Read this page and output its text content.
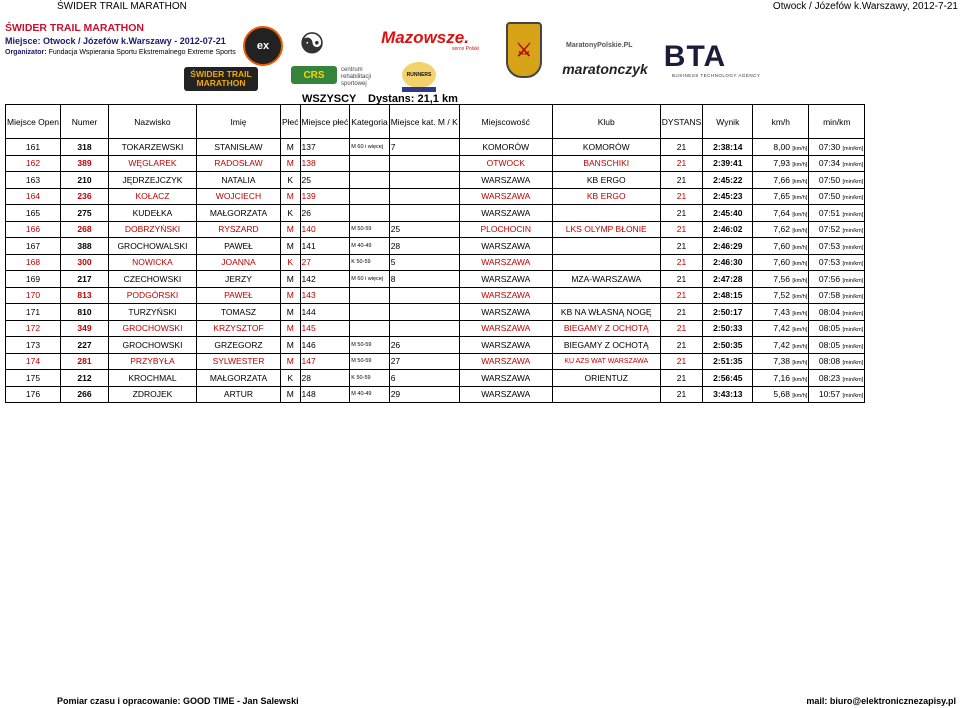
ŚWIDER TRAIL MARATHON	Otwock / Józefów k.Warszawy, 2012-7-21
ŚWIDER TRAIL MARATHON
Miejsce: Otwock / Józefów k.Warszawy - 2012-07-21
Organizator: Fundacja Wspierania Sportu Ekstremalnego Extreme Sports
ex	☯	Mazowsze.
serce Polski	⚔	MaratonyPolskie.PL
maratonczyk BTA
BUSINESS TECHNOLOGY AGENCY
ŚWIDER TRAIL MARATHON
CRS	centrum rehabilitacji sportowej
RUNNERS
WSZYSCY Dystans: 21,1 km
Miejsce Open	Numer	Nazwisko	Imię	Płeć	Miejsce płeć	Kategoria	Miejsce kat. M / K	Miejscowość	Klub	DYSTANS	Wynik	km/h	min/km
161	318	TOKARZEWSKI	STANISŁAW	M	137	M 60 i więcej	7	KOMORÓW	KOMORÓW	21	2:38:14	8,00 [km/h]	07:30 [min/km]
162	389	WĘGLAREK	RADOSŁAW	M	138			OTWOCK	BANSCHIKI	21	2:39:41	7,93 [km/h]	07:34 [min/km]
163	210	JĘDRZEJCZYK	NATALIA	K	25			WARSZAWA	KB ERGO	21	2:45:22	7,66 [km/h]	07:50 [min/km]
164	236	KOŁACZ	WOJCIECH	M	139			WARSZAWA	KB ERGO	21	2:45:23	7,65 [km/h]	07:50 [min/km]
165	275	KUDEŁKA	MAŁGORZATA	K	26			WARSZAWA		21	2:45:40	7,64 [km/h]	07:51 [min/km]
166	268	DOBRZYŃSKI	RYSZARD	M	140	M 50-59	25	PLOCHOCIN	LKS OLYMP BŁONIE	21	2:46:02	7,62 [km/h]	07:52 [min/km]
167	388	GROCHOWALSKI	PAWEŁ	M	141	M 40-49	28	WARSZAWA		21	2:46:29	7,60 [km/h]	07:53 [min/km]
168	300	NOWICKA	JOANNA	K	27	K 50-59	5	WARSZAWA		21	2:46:30	7,60 [km/h]	07:53 [min/km]
169	217	CZECHOWSKI	JERZY	M	142	M 60 i więcej	8	WARSZAWA	MZA-WARSZAWA	21	2:47:28	7,56 [km/h]	07:56 [min/km]
170	813	PODGÓRSKI	PAWEŁ	M	143			WARSZAWA		21	2:48:15	7,52 [km/h]	07:58 [min/km]
171	810	TURZYŃSKI	TOMASZ	M	144			WARSZAWA	KB NA WŁASNĄ NOGĘ	21	2:50:17	7,43 [km/h]	08:04 [min/km]
172	349	GROCHOWSKI	KRZYSZTOF	M	145			WARSZAWA	BIEGAMY Z OCHOTĄ	21	2:50:33	7,42 [km/h]	08:05 [min/km]
173	227	GROCHOWSKI	GRZEGORZ	M	146	M 50-59	26	WARSZAWA	BIEGAMY Z OCHOTĄ	21	2:50:35	7,42 [km/h]	08:05 [min/km]
174	281	PRZYBYŁA	SYLWESTER	M	147	M 50-59	27	WARSZAWA	KU AZS WAT WARSZAWA	21	2:51:35	7,38 [km/h]	08:08 [min/km]
175	212	KROCHMAL	MAŁGORZATA	K	28	K 50-59	6	WARSZAWA	ORIENTUZ	21	2:56:45	7,16 [km/h]	08:23 [min/km]
176	266	ZDROJEK	ARTUR	M	148	M 40-49	29	WARSZAWA		21	3:43:13	5,68 [km/h]	10:57 [min/km]
Pomiar czasu i opracowanie: GOOD TIME - Jan Salewski	mail: biuro@elektronicznezapisy.pl
